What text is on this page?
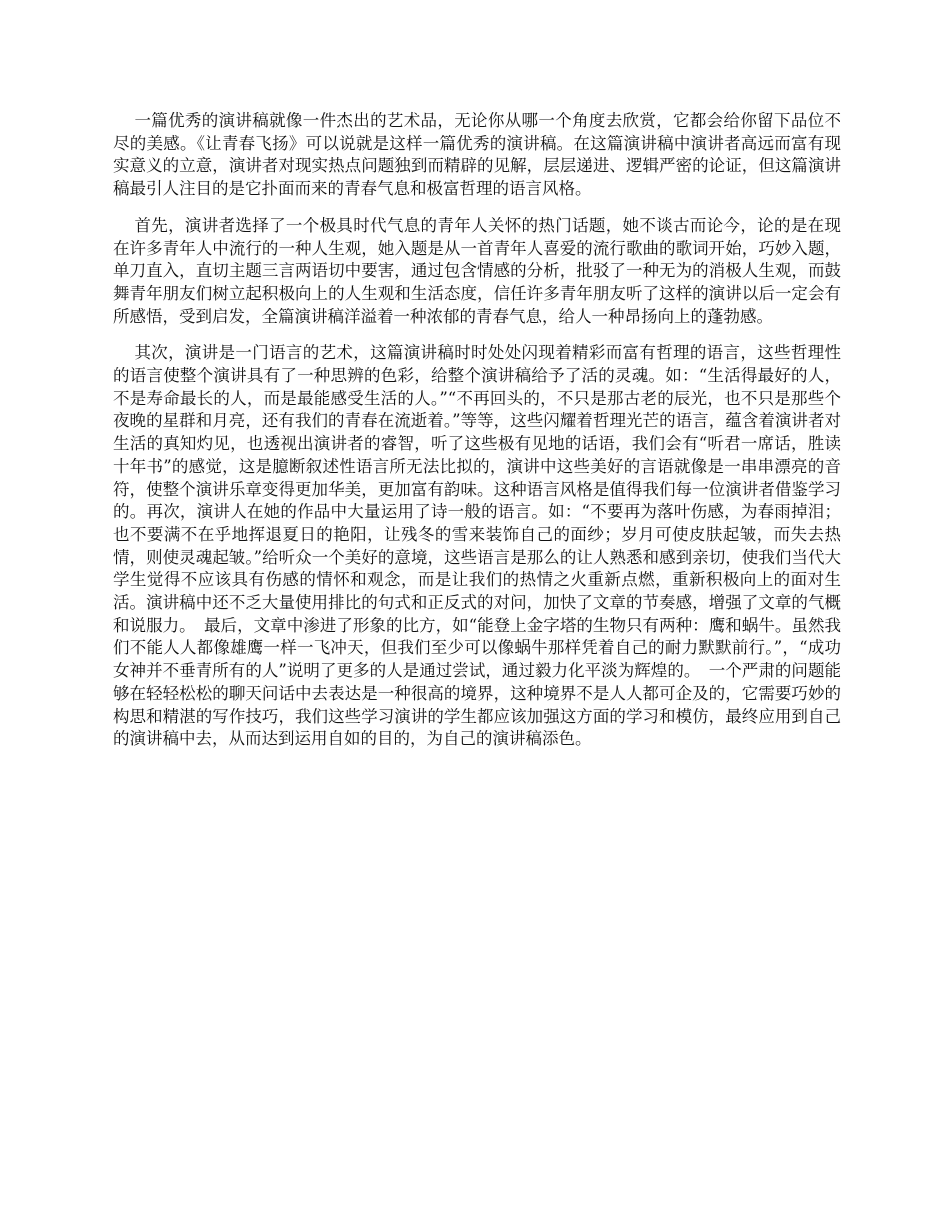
一篇优秀的演讲稿就像一件杰出的艺术品，无论你从哪一个角度去欣赏，它都会给你留下品位不尽的美感。《让青春飞扬》可以说就是这样一篇优秀的演讲稿。在这篇演讲稿中演讲者高远而富有现实意义的立意，演讲者对现实热点问题独到而精辟的见解，层层递进、逻辑严密的论证，但这篇演讲稿最引人注目的是它扑面而来的青春气息和极富哲理的语言风格。

首先，演讲者选择了一个极具时代气息的青年人关怀的热门话题，她不谈古而论今，论的是在现在许多青年人中流行的一种人生观，她入题是从一首青年人喜爱的流行歌曲的歌词开始，巧妙入题，单刀直入，直切主题三言两语切中要害，通过包含情感的分析，批驳了一种无为的消极人生观，而鼓舞青年朋友们树立起积极向上的人生观和生活态度，信任许多青年朋友听了这样的演讲以后一定会有所感悟，受到启发，全篇演讲稿洋溢着一种浓郁的青春气息，给人一种昂扬向上的蓬勃感。

其次，演讲是一门语言的艺术，这篇演讲稿时时处处闪现着精彩而富有哲理的语言，这些哲理性的语言使整个演讲具有了一种思辨的色彩，给整个演讲稿给予了活的灵魂。如：“生活得最好的人，不是寿命最长的人，而是最能感受生活的人。”“不再回头的，不只是那古老的辰光，也不只是那些个夜晚的星群和月亮，还有我们的青春在流逝着。”等等，这些闪耀着哲理光芒的语言，蕴含着演讲者对生活的真知灼见，也透视出演讲者的睿智，听了这些极有见地的话语，我们会有“听君一席话，胜读十年书”的感觉，这是臆断叙述性语言所无法比拟的，演讲中这些美好的言语就像是一串串漂亮的音符，使整个演讲乐章变得更加华美，更加富有韵味。这种语言风格是值得我们每一位演讲者借鉴学习的。再次，演讲人在她的作品中大量运用了诗一般的语言。如：“不要再为落叶伤感，为春雨掉泪；也不要满不在乎地挥退夏日的艳阳，让残冬的雪来装饰自己的面纱；岁月可使皮肤起皱，而失去热情，则使灵魂起皱。”给听众一个美好的意境，这些语言是那么的让人熟悉和感到亲切，使我们当代大学生觉得不应该具有伤感的情怀和观念，而是让我们的热情之火重新点燃，重新积极向上的面对生活。演讲稿中还不乏大量使用排比的句式和正反式的对问，加快了文章的节奏感，增强了文章的气概和说服力。　最后，文章中渗进了形象的比方，如“能登上金字塔的生物只有两种：鹰和蜗牛。虽然我们不能人人都像雄鹰一样一飞冲天，但我们至少可以像蜗牛那样凭着自己的耐力默默前行。”，“成功女神并不垂青所有的人”说明了更多的人是通过尝试，通过毅力化平淡为辉煌的。　一个严肃的问题能够在轻轻松松的聊天问话中去表达是一种很高的境界，这种境界不是人人都可企及的，它需要巧妙的构思和精湛的写作技巧，我们这些学习演讲的学生都应该加强这方面的学习和模仿，最终应用到自己的演讲稿中去，从而达到运用自如的目的，为自己的演讲稿添色。
